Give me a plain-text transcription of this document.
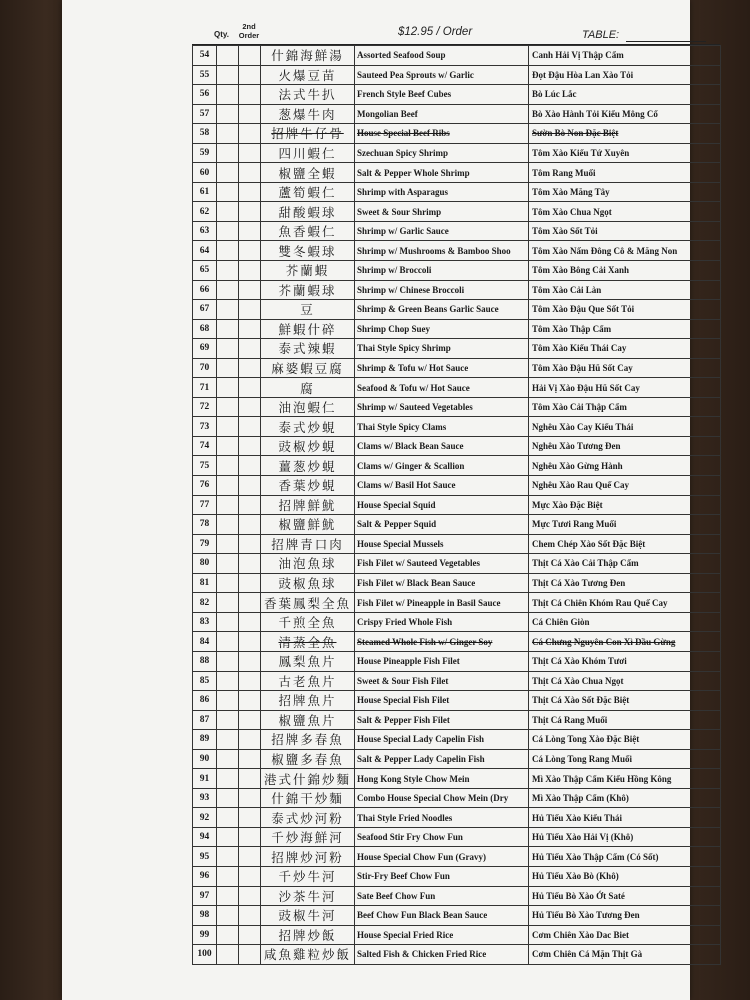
Qty.
2nd Order	$12.95 / Order	TABLE:
54			什錦海鮮湯	Assorted Seafood Soup	Canh Hải Vị Thập Cẩm
55			火爆豆苗	Sauteed Pea Sprouts w/ Garlic	Đọt Đậu Hòa Lan Xào Tỏi
56			法式牛扒	French Style Beef Cubes	Bò Lúc Lắc
57			葱爆牛肉	Mongolian Beef	Bò Xào Hành Tỏi Kiểu Mông Cổ
58			招牌牛仔骨	House Special Beef Ribs	Sườn Bò Non Đặc Biệt
59			四川蝦仁	Szechuan Spicy Shrimp	Tôm Xào Kiểu Tứ Xuyên
60			椒鹽全蝦	Salt & Pepper Whole Shrimp	Tôm Rang Muối
61			蘆筍蝦仁	Shrimp with Asparagus	Tôm Xào Măng Tây
62			甜酸蝦球	Sweet & Sour Shrimp	Tôm Xào Chua Ngọt
63			魚香蝦仁	Shrimp w/ Garlic Sauce	Tôm Xào Sốt Tỏi
64			雙冬蝦球	Shrimp w/ Mushrooms & Bamboo Shoo	Tôm Xào Nấm Đông Cô & Măng Non
65			芥蘭蝦	Shrimp w/ Broccoli	Tôm Xào Bông Cải Xanh
66			芥蘭蝦球	Shrimp w/ Chinese Broccoli	Tôm Xào Cải Làn
67			豆	Shrimp & Green Beans Garlic Sauce	Tôm Xào Đậu Que Sốt Tỏi
68			鮮蝦什碎	Shrimp Chop Suey	Tôm Xào Thập Cẩm
69			泰式辣蝦	Thai Style Spicy Shrimp	Tôm Xào Kiểu Thái Cay
70			麻婆蝦豆腐	Shrimp & Tofu w/ Hot Sauce	Tôm Xào Đậu Hũ Sốt Cay
71			腐	Seafood & Tofu w/ Hot Sauce	Hải Vị Xào Đậu Hũ Sốt Cay
72			油泡蝦仁	Shrimp w/ Sauteed Vegetables	Tôm Xào Cải Thập Cẩm
73			泰式炒蜆	Thai Style Spicy Clams	Nghêu Xào Cay Kiểu Thái
74			豉椒炒蜆	Clams w/ Black Bean Sauce	Nghêu Xào Tương Đen
75			薑葱炒蜆	Clams w/ Ginger & Scallion	Nghêu Xào Gừng Hành
76			香葉炒蜆	Clams w/ Basil Hot Sauce	Nghêu Xào Rau Quế Cay
77			招牌鮮魷	House Special Squid	Mực Xào Đặc Biệt
78			椒鹽鮮魷	Salt & Pepper Squid	Mực Tươi Rang Muối
79			招牌青口肉	House Special Mussels	Chem Chép Xào Sốt Đặc Biệt
80			油泡魚球	Fish Filet w/ Sauteed Vegetables	Thịt Cá Xào Cải Thập Cẩm
81			豉椒魚球	Fish Filet w/ Black Bean Sauce	Thịt Cá Xào Tương Đen
82			香葉鳳梨全魚	Fish Filet w/ Pineapple in Basil Sauce	Thịt Cá Chiên Khóm Rau Quế Cay
83			千煎全魚	Crispy Fried Whole Fish	Cá Chiên Giòn
84			清蒸全魚	Steamed Whole Fish w/ Ginger Soy	Cá Chưng Nguyên Con Xì Dầu Gừng
88			鳳梨魚片	House Pineapple Fish Filet	Thịt Cá Xào Khóm Tươi
85			古老魚片	Sweet & Sour Fish Filet	Thịt Cá Xào Chua Ngọt
86			招牌魚片	House Special Fish Filet	Thịt Cá Xào Sốt Đặc Biệt
87			椒鹽魚片	Salt & Pepper Fish Filet	Thịt Cá Rang Muối
89			招牌多春魚	House Special Lady Capelin Fish	Cá Lòng Tong Xào Đặc Biệt
90			椒鹽多春魚	Salt & Pepper Lady Capelin Fish	Cá Lòng Tong Rang Muối
91			港式什錦炒麵	Hong Kong Style Chow Mein	Mì Xào Thập Cẩm Kiểu Hồng Kông
93			什錦干炒麵	Combo House Special Chow Mein (Dry	Mì Xào Thập Cẩm (Khô)
92			泰式炒河粉	Thai Style Fried Noodles	Hủ Tiếu Xào Kiểu Thái
94			千炒海鮮河	Seafood Stir Fry Chow Fun	Hủ Tiếu Xào Hải Vị (Khô)
95			招牌炒河粉	House Special Chow Fun (Gravy)	Hủ Tiếu Xào Thập Cẩm (Có Sốt)
96			千炒牛河	Stir-Fry Beef Chow Fun	Hủ Tiếu Xào Bò (Khô)
97			沙茶牛河	Sate Beef Chow Fun	Hủ Tiếu Bò Xào Ớt Saté
98			豉椒牛河	Beef Chow Fun Black Bean Sauce	Hủ Tiếu Bò Xào Tương Đen
99			招牌炒飯	House Special Fried Rice	Cơm Chiên Xào Dac Biet
100			咸魚雞粒炒飯	Salted Fish & Chicken Fried Rice	Cơm Chiên Cá Mặn Thịt Gà
